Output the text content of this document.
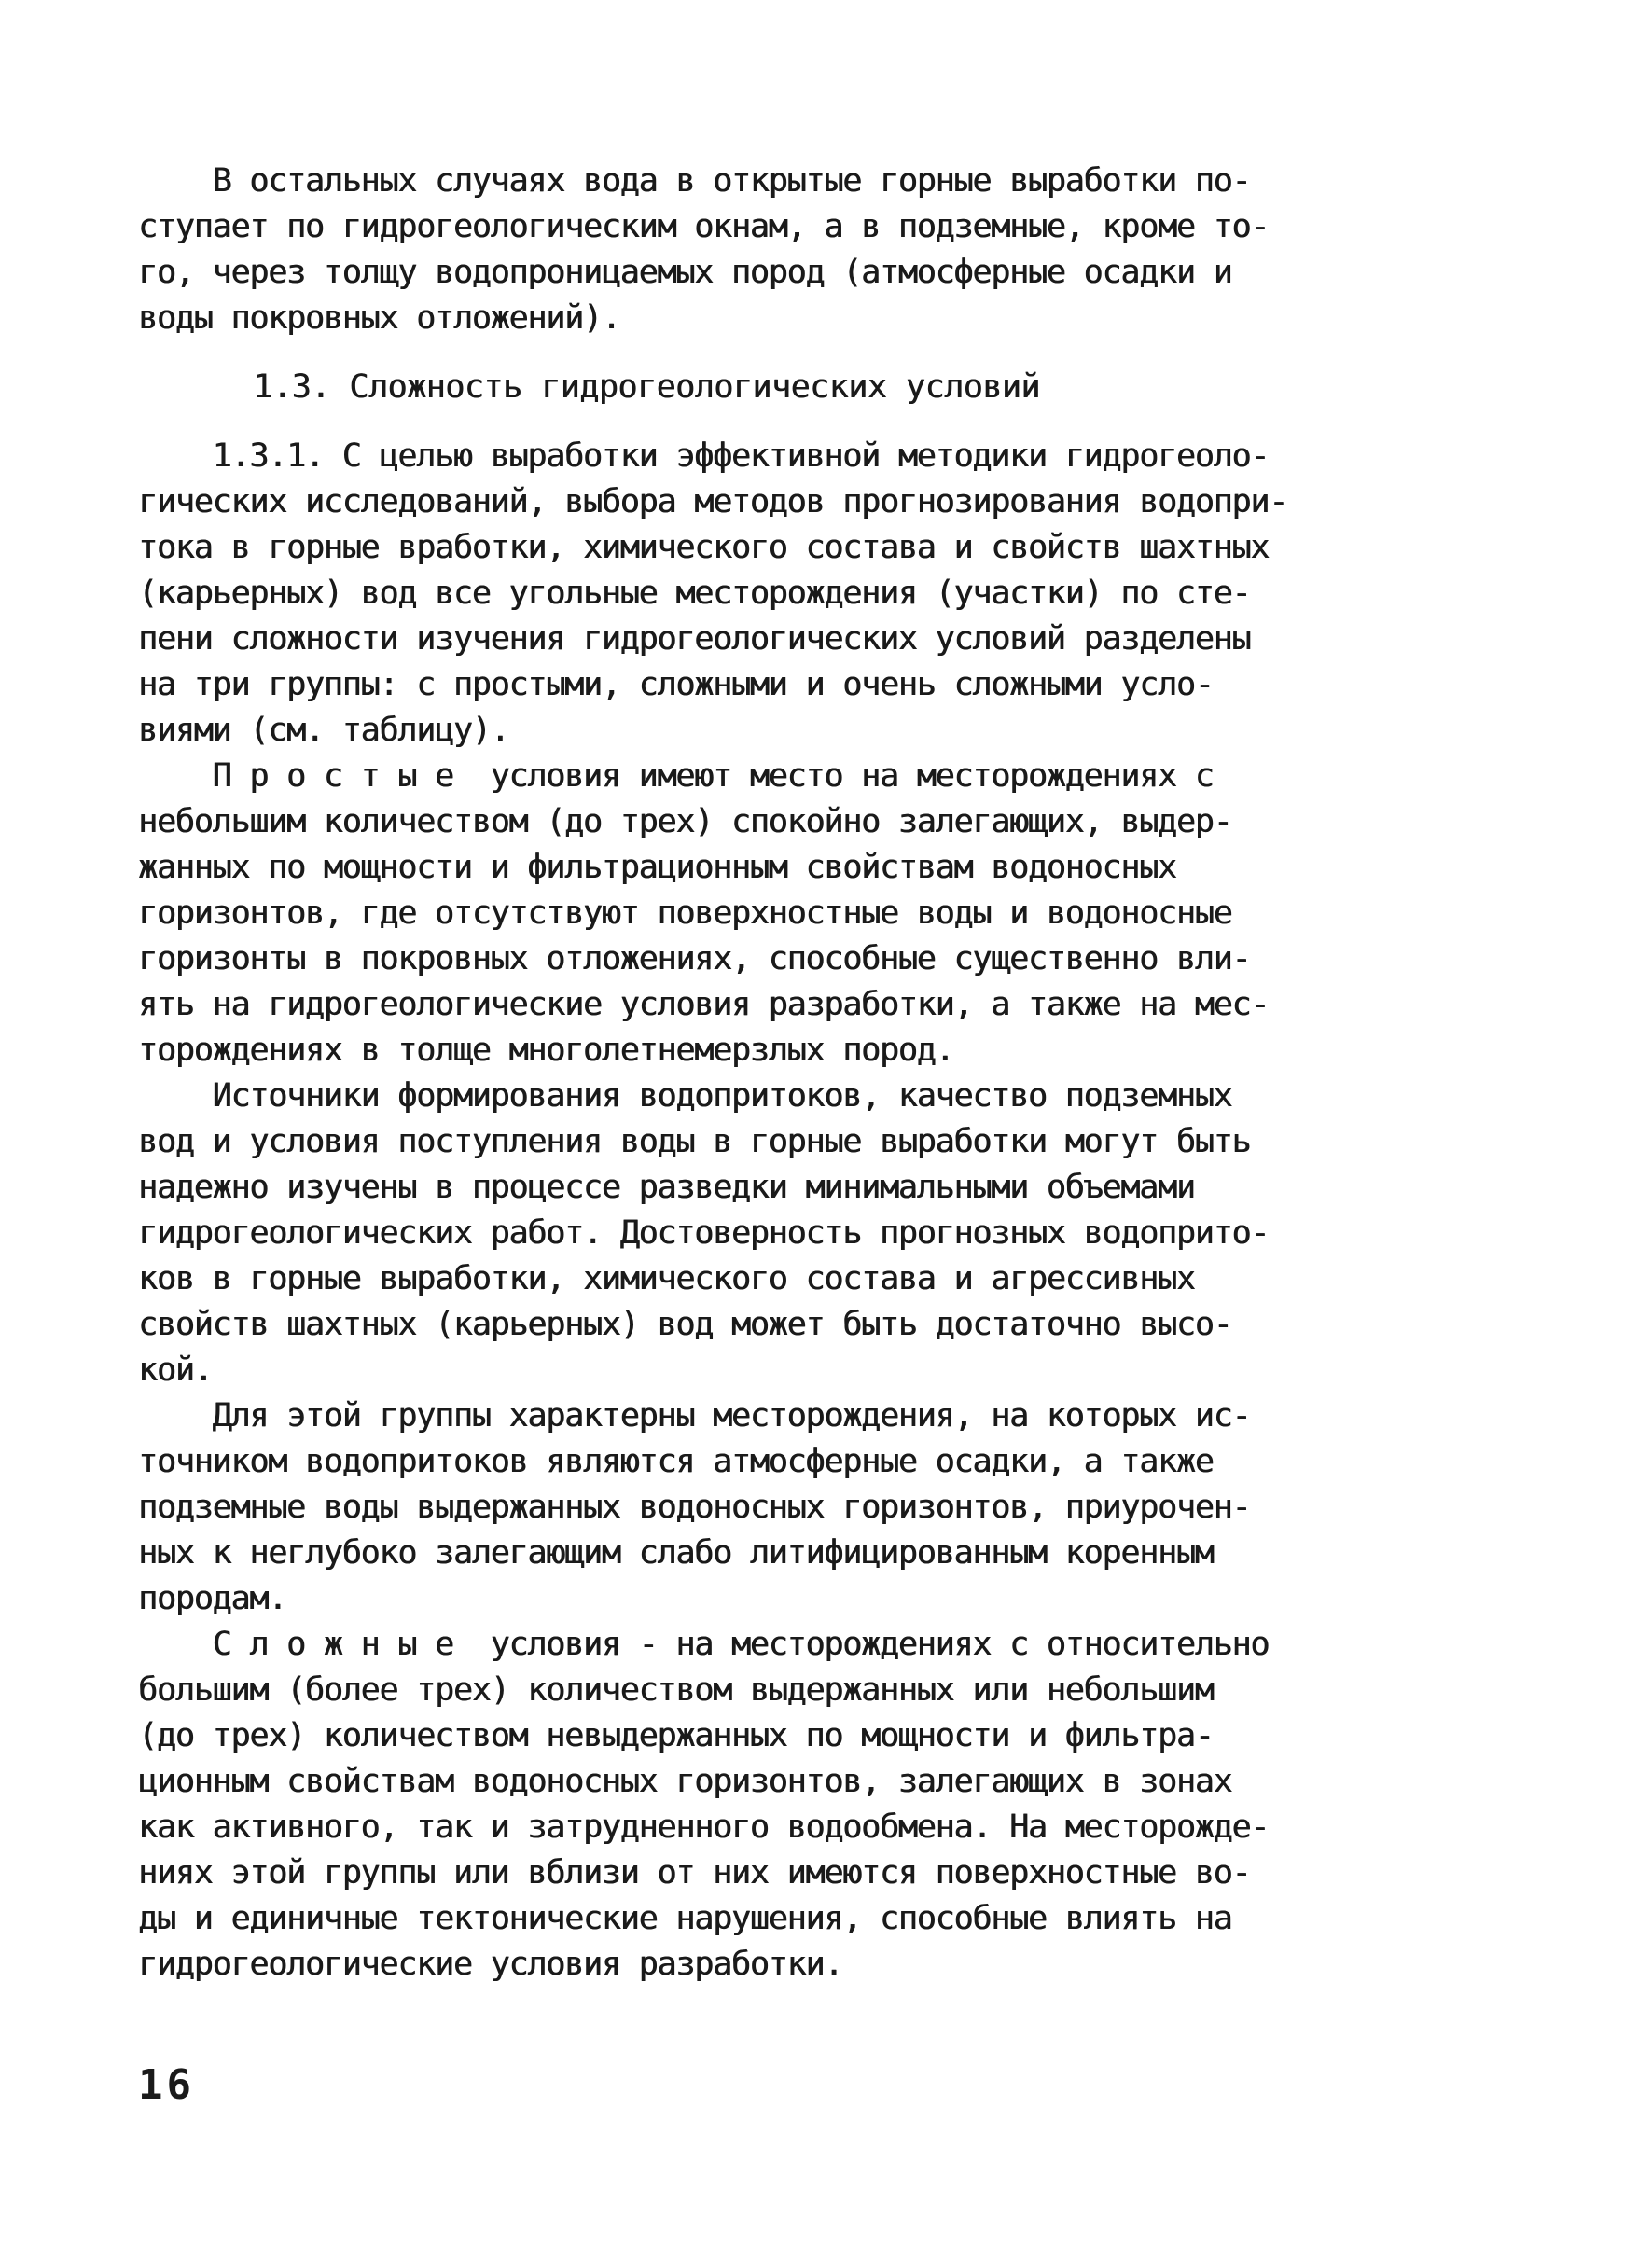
В остальных случаях вода в открытые горные выработки по-
ступает по гидрогеологическим окнам, а в подземные, кроме то-
го, через толщу водопроницаемых пород (атмосферные осадки и
воды покровных отложений).
1.3. Сложность гидрогеологических условий
1.3.1. С целью выработки эффективной методики гидрогеоло-
гических исследований, выбора методов прогнозирования водопри-
тока в горные вработки, химического состава и свойств шахтных
(карьерных) вод все угольные месторождения (участки) по сте-
пени сложности изучения гидрогеологических условий разделены
на три группы: с простыми, сложными и очень сложными усло-
виями (см. таблицу).
П р о с т ы е  условия имеют место на месторождениях с
небольшим количеством (до трех) спокойно залегающих, выдер-
жанных по мощности и фильтрационным свойствам водоносных
горизонтов, где отсутствуют поверхностные воды и водоносные
горизонты в покровных отложениях, способные существенно вли-
ять на гидрогеологические условия разработки, а также на мес-
торождениях в толще многолетнемерзлых пород.
Источники формирования водопритоков, качество подземных
вод и условия поступления воды в горные выработки могут быть
надежно изучены в процессе разведки минимальными объемами
гидрогеологических работ. Достоверность прогнозных водоприто-
ков в горные выработки, химического состава и агрессивных
свойств шахтных (карьерных) вод может быть достаточно высо-
кой.
Для этой группы характерны месторождения, на которых ис-
точником водопритоков являются атмосферные осадки, а также
подземные воды выдержанных водоносных горизонтов, приурочен-
ных к неглубоко залегающим слабо литифицированным коренным
породам.
С л о ж н ы е  условия - на месторождениях с относительно
большим (более трех) количеством выдержанных или небольшим
(до трех) количеством невыдержанных по мощности и фильтра-
ционным свойствам водоносных горизонтов, залегающих в зонах
как активного, так и затрудненного водообмена. На месторожде-
ниях этой группы или вблизи от них имеются поверхностные во-
ды и единичные тектонические нарушения, способные влиять на
гидрогеологические условия разработки.
16
